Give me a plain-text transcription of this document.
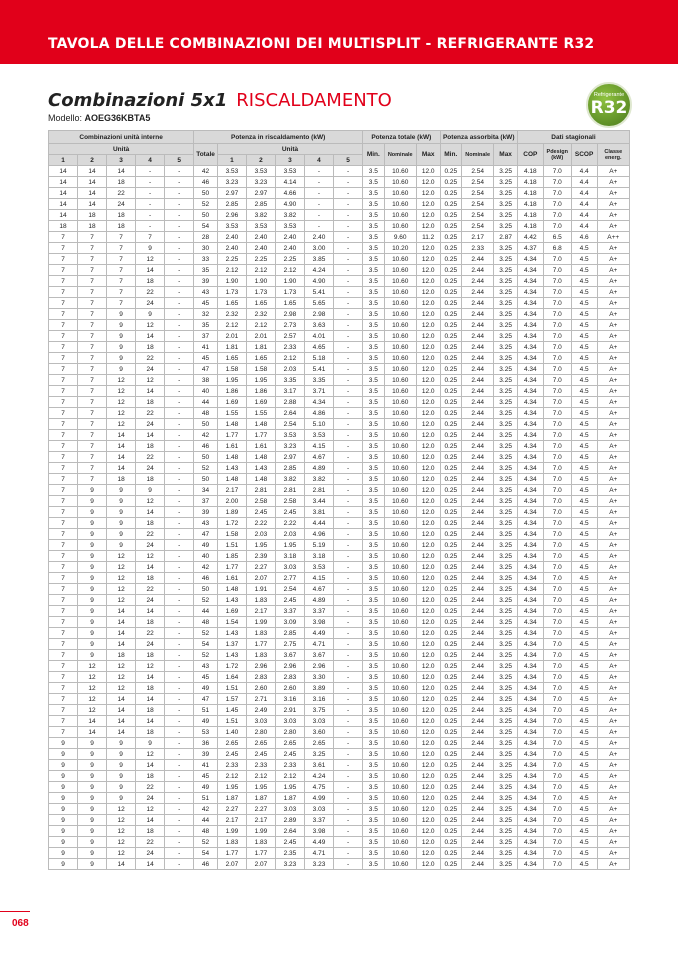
TAVOLA DELLE COMBINAZIONI DEI MULTISPLIT - REFRIGERANTE R32
Combinazioni 5x1 RISCALDAMENTO
Modello: AOEG36KBTA5
Refrigerante
R32
Combinazioni unità interne					Potenza in riscaldamento (kW)						Potenza totale (kW)			Potenza assorbita (kW)			Dati stagionali			
Unità					Totale	Unità					Min.	Nominale	Max	Min.	Nominale	Max	COP	Pdesign (kW)	SCOP	Classe energ.
1	2	3	4	5		1	2	3	4	5										
14	14	14	-	-	42	3.53	3.53	3.53	-	-	3.5	10.60	12.0	0.25	2.54	3.25	4.18	7.0	4.4	A+
14	14	18	-	-	46	3.23	3.23	4.14	-	-	3.5	10.60	12.0	0.25	2.54	3.25	4.18	7.0	4.4	A+
14	14	22	-	-	50	2.97	2.97	4.66	-	-	3.5	10.60	12.0	0.25	2.54	3.25	4.18	7.0	4.4	A+
14	14	24	-	-	52	2.85	2.85	4.90	-	-	3.5	10.60	12.0	0.25	2.54	3.25	4.18	7.0	4.4	A+
14	18	18	-	-	50	2.96	3.82	3.82	-	-	3.5	10.60	12.0	0.25	2.54	3.25	4.18	7.0	4.4	A+
18	18	18	-	-	54	3.53	3.53	3.53	-	-	3.5	10.60	12.0	0.25	2.54	3.25	4.18	7.0	4.4	A+
7	7	7	7	-	28	2.40	2.40	2.40	2.40	-	3.5	9.60	11.2	0.25	2.17	2.87	4.42	6.5	4.6	A++
7	7	7	9	-	30	2.40	2.40	2.40	3.00	-	3.5	10.20	12.0	0.25	2.33	3.25	4.37	6.8	4.5	A+
7	7	7	12	-	33	2.25	2.25	2.25	3.85	-	3.5	10.60	12.0	0.25	2.44	3.25	4.34	7.0	4.5	A+
7	7	7	14	-	35	2.12	2.12	2.12	4.24	-	3.5	10.60	12.0	0.25	2.44	3.25	4.34	7.0	4.5	A+
7	7	7	18	-	39	1.90	1.90	1.90	4.90	-	3.5	10.60	12.0	0.25	2.44	3.25	4.34	7.0	4.5	A+
7	7	7	22	-	43	1.73	1.73	1.73	5.41	-	3.5	10.60	12.0	0.25	2.44	3.25	4.34	7.0	4.5	A+
7	7	7	24	-	45	1.65	1.65	1.65	5.65	-	3.5	10.60	12.0	0.25	2.44	3.25	4.34	7.0	4.5	A+
7	7	9	9	-	32	2.32	2.32	2.98	2.98	-	3.5	10.60	12.0	0.25	2.44	3.25	4.34	7.0	4.5	A+
7	7	9	12	-	35	2.12	2.12	2.73	3.63	-	3.5	10.60	12.0	0.25	2.44	3.25	4.34	7.0	4.5	A+
7	7	9	14	-	37	2.01	2.01	2.57	4.01	-	3.5	10.60	12.0	0.25	2.44	3.25	4.34	7.0	4.5	A+
7	7	9	18	-	41	1.81	1.81	2.33	4.65	-	3.5	10.60	12.0	0.25	2.44	3.25	4.34	7.0	4.5	A+
7	7	9	22	-	45	1.65	1.65	2.12	5.18	-	3.5	10.60	12.0	0.25	2.44	3.25	4.34	7.0	4.5	A+
7	7	9	24	-	47	1.58	1.58	2.03	5.41	-	3.5	10.60	12.0	0.25	2.44	3.25	4.34	7.0	4.5	A+
7	7	12	12	-	38	1.95	1.95	3.35	3.35	-	3.5	10.60	12.0	0.25	2.44	3.25	4.34	7.0	4.5	A+
7	7	12	14	-	40	1.86	1.86	3.17	3.71	-	3.5	10.60	12.0	0.25	2.44	3.25	4.34	7.0	4.5	A+
7	7	12	18	-	44	1.69	1.69	2.88	4.34	-	3.5	10.60	12.0	0.25	2.44	3.25	4.34	7.0	4.5	A+
7	7	12	22	-	48	1.55	1.55	2.64	4.86	-	3.5	10.60	12.0	0.25	2.44	3.25	4.34	7.0	4.5	A+
7	7	12	24	-	50	1.48	1.48	2.54	5.10	-	3.5	10.60	12.0	0.25	2.44	3.25	4.34	7.0	4.5	A+
7	7	14	14	-	42	1.77	1.77	3.53	3.53	-	3.5	10.60	12.0	0.25	2.44	3.25	4.34	7.0	4.5	A+
7	7	14	18	-	46	1.61	1.61	3.23	4.15	-	3.5	10.60	12.0	0.25	2.44	3.25	4.34	7.0	4.5	A+
7	7	14	22	-	50	1.48	1.48	2.97	4.67	-	3.5	10.60	12.0	0.25	2.44	3.25	4.34	7.0	4.5	A+
7	7	14	24	-	52	1.43	1.43	2.85	4.89	-	3.5	10.60	12.0	0.25	2.44	3.25	4.34	7.0	4.5	A+
7	7	18	18	-	50	1.48	1.48	3.82	3.82	-	3.5	10.60	12.0	0.25	2.44	3.25	4.34	7.0	4.5	A+
7	9	9	9	-	34	2.17	2.81	2.81	2.81	-	3.5	10.60	12.0	0.25	2.44	3.25	4.34	7.0	4.5	A+
7	9	9	12	-	37	2.00	2.58	2.58	3.44	-	3.5	10.60	12.0	0.25	2.44	3.25	4.34	7.0	4.5	A+
7	9	9	14	-	39	1.89	2.45	2.45	3.81	-	3.5	10.60	12.0	0.25	2.44	3.25	4.34	7.0	4.5	A+
7	9	9	18	-	43	1.72	2.22	2.22	4.44	-	3.5	10.60	12.0	0.25	2.44	3.25	4.34	7.0	4.5	A+
7	9	9	22	-	47	1.58	2.03	2.03	4.96	-	3.5	10.60	12.0	0.25	2.44	3.25	4.34	7.0	4.5	A+
7	9	9	24	-	49	1.51	1.95	1.95	5.19	-	3.5	10.60	12.0	0.25	2.44	3.25	4.34	7.0	4.5	A+
7	9	12	12	-	40	1.85	2.39	3.18	3.18	-	3.5	10.60	12.0	0.25	2.44	3.25	4.34	7.0	4.5	A+
7	9	12	14	-	42	1.77	2.27	3.03	3.53	-	3.5	10.60	12.0	0.25	2.44	3.25	4.34	7.0	4.5	A+
7	9	12	18	-	46	1.61	2.07	2.77	4.15	-	3.5	10.60	12.0	0.25	2.44	3.25	4.34	7.0	4.5	A+
7	9	12	22	-	50	1.48	1.91	2.54	4.67	-	3.5	10.60	12.0	0.25	2.44	3.25	4.34	7.0	4.5	A+
7	9	12	24	-	52	1.43	1.83	2.45	4.89	-	3.5	10.60	12.0	0.25	2.44	3.25	4.34	7.0	4.5	A+
7	9	14	14	-	44	1.69	2.17	3.37	3.37	-	3.5	10.60	12.0	0.25	2.44	3.25	4.34	7.0	4.5	A+
7	9	14	18	-	48	1.54	1.99	3.09	3.98	-	3.5	10.60	12.0	0.25	2.44	3.25	4.34	7.0	4.5	A+
7	9	14	22	-	52	1.43	1.83	2.85	4.49	-	3.5	10.60	12.0	0.25	2.44	3.25	4.34	7.0	4.5	A+
7	9	14	24	-	54	1.37	1.77	2.75	4.71	-	3.5	10.60	12.0	0.25	2.44	3.25	4.34	7.0	4.5	A+
7	9	18	18	-	52	1.43	1.83	3.67	3.67	-	3.5	10.60	12.0	0.25	2.44	3.25	4.34	7.0	4.5	A+
7	12	12	12	-	43	1.72	2.96	2.96	2.96	-	3.5	10.60	12.0	0.25	2.44	3.25	4.34	7.0	4.5	A+
7	12	12	14	-	45	1.64	2.83	2.83	3.30	-	3.5	10.60	12.0	0.25	2.44	3.25	4.34	7.0	4.5	A+
7	12	12	18	-	49	1.51	2.60	2.60	3.89	-	3.5	10.60	12.0	0.25	2.44	3.25	4.34	7.0	4.5	A+
7	12	14	14	-	47	1.57	2.71	3.16	3.16	-	3.5	10.60	12.0	0.25	2.44	3.25	4.34	7.0	4.5	A+
7	12	14	18	-	51	1.45	2.49	2.91	3.75	-	3.5	10.60	12.0	0.25	2.44	3.25	4.34	7.0	4.5	A+
7	14	14	14	-	49	1.51	3.03	3.03	3.03	-	3.5	10.60	12.0	0.25	2.44	3.25	4.34	7.0	4.5	A+
7	14	14	18	-	53	1.40	2.80	2.80	3.60	-	3.5	10.60	12.0	0.25	2.44	3.25	4.34	7.0	4.5	A+
9	9	9	9	-	36	2.65	2.65	2.65	2.65	-	3.5	10.60	12.0	0.25	2.44	3.25	4.34	7.0	4.5	A+
9	9	9	12	-	39	2.45	2.45	2.45	3.25	-	3.5	10.60	12.0	0.25	2.44	3.25	4.34	7.0	4.5	A+
9	9	9	14	-	41	2.33	2.33	2.33	3.61	-	3.5	10.60	12.0	0.25	2.44	3.25	4.34	7.0	4.5	A+
9	9	9	18	-	45	2.12	2.12	2.12	4.24	-	3.5	10.60	12.0	0.25	2.44	3.25	4.34	7.0	4.5	A+
9	9	9	22	-	49	1.95	1.95	1.95	4.75	-	3.5	10.60	12.0	0.25	2.44	3.25	4.34	7.0	4.5	A+
9	9	9	24	-	51	1.87	1.87	1.87	4.99	-	3.5	10.60	12.0	0.25	2.44	3.25	4.34	7.0	4.5	A+
9	9	12	12	-	42	2.27	2.27	3.03	3.03	-	3.5	10.60	12.0	0.25	2.44	3.25	4.34	7.0	4.5	A+
9	9	12	14	-	44	2.17	2.17	2.89	3.37	-	3.5	10.60	12.0	0.25	2.44	3.25	4.34	7.0	4.5	A+
9	9	12	18	-	48	1.99	1.99	2.64	3.98	-	3.5	10.60	12.0	0.25	2.44	3.25	4.34	7.0	4.5	A+
9	9	12	22	-	52	1.83	1.83	2.45	4.49	-	3.5	10.60	12.0	0.25	2.44	3.25	4.34	7.0	4.5	A+
9	9	12	24	-	54	1.77	1.77	2.35	4.71	-	3.5	10.60	12.0	0.25	2.44	3.25	4.34	7.0	4.5	A+
9	9	14	14	-	46	2.07	2.07	3.23	3.23	-	3.5	10.60	12.0	0.25	2.44	3.25	4.34	7.0	4.5	A+
068
